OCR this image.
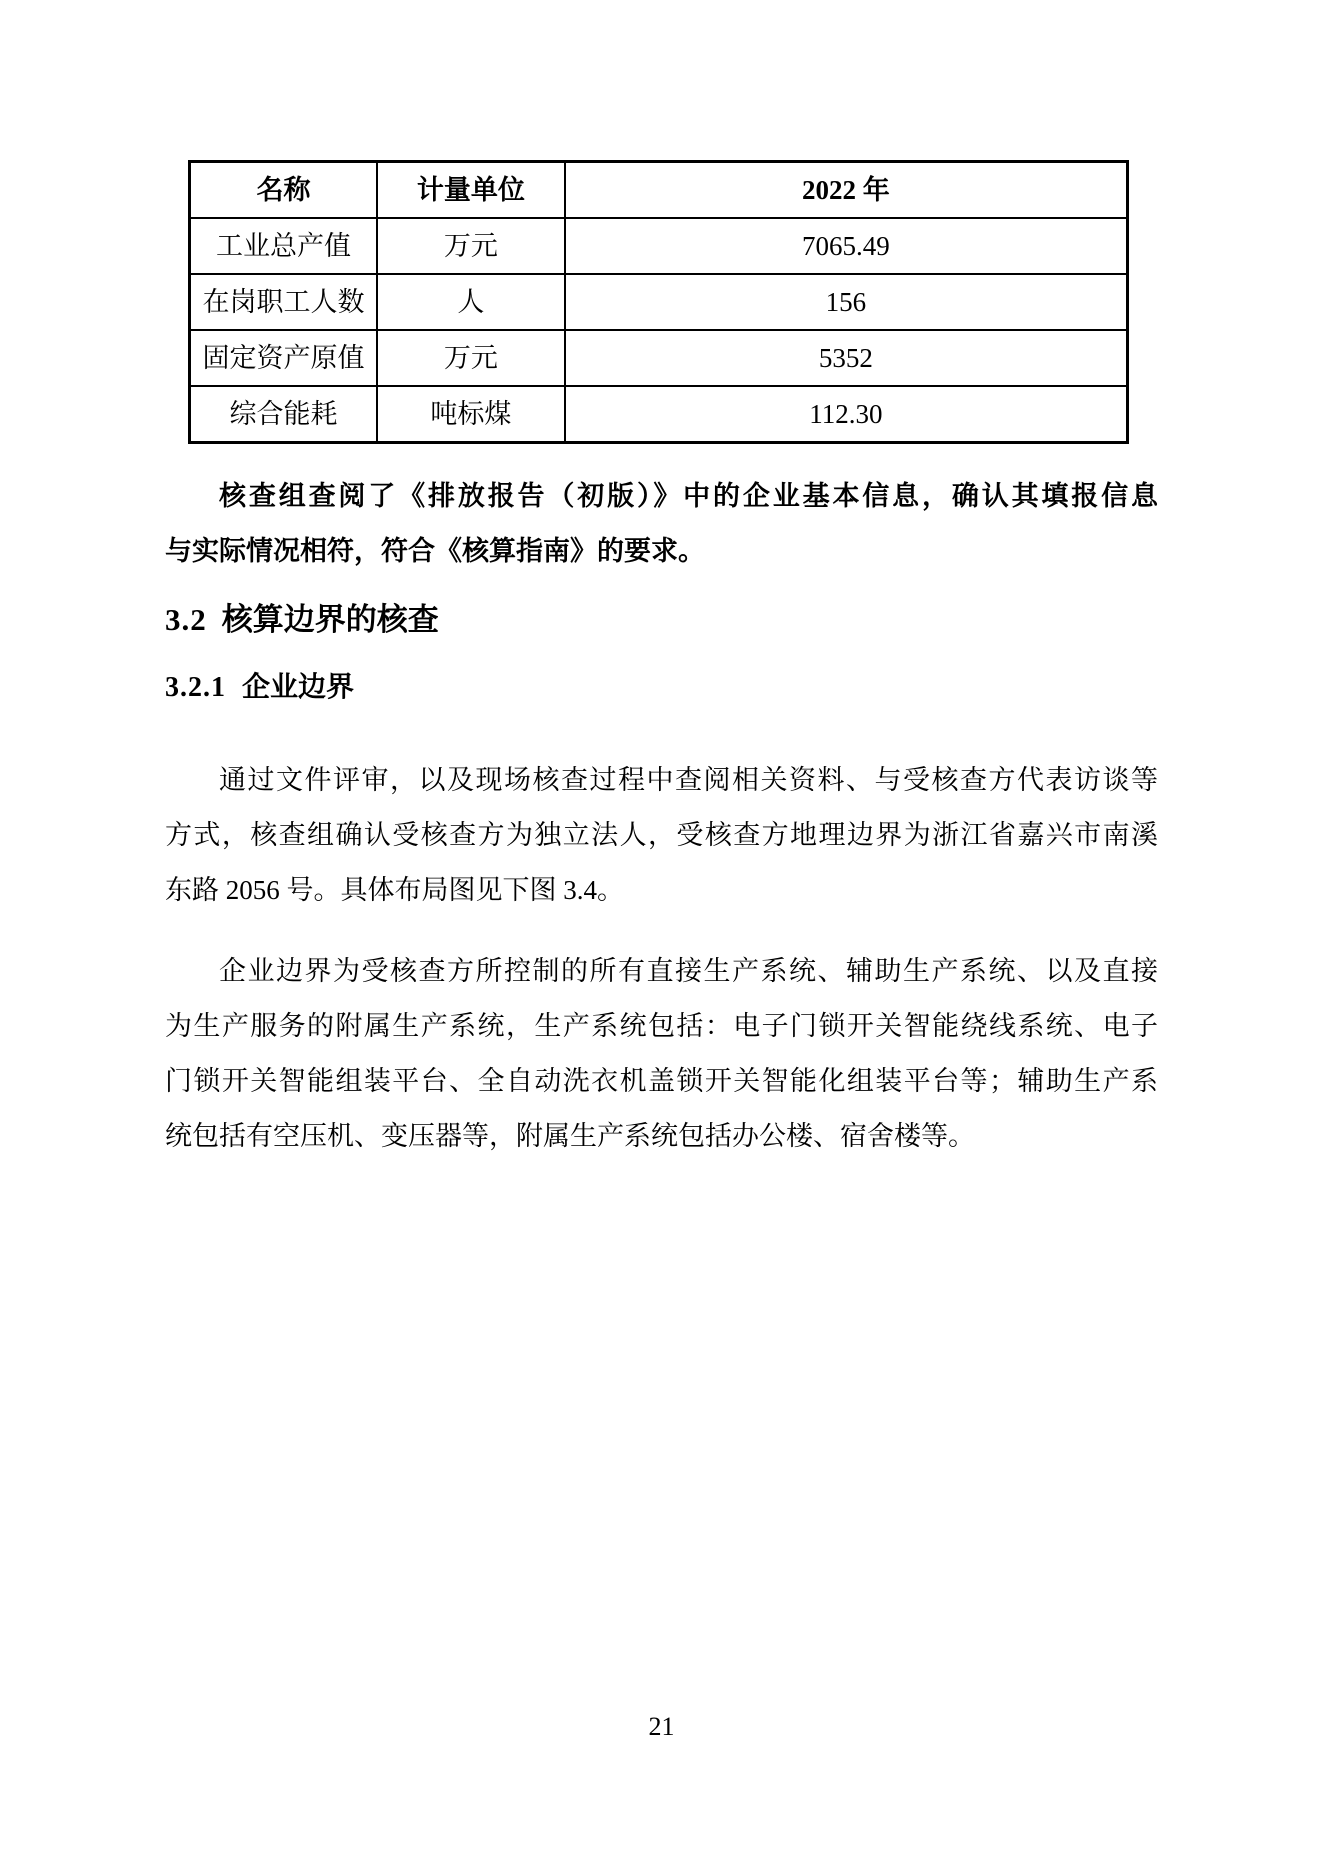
名称	计量单位	2022 年
工业总产值	万元	7065.49
在岗职工人数	人	156
固定资产原值	万元	5352
综合能耗	吨标煤	112.30
核查组查阅了《排放报告（初版）》中的企业基本信息，确认其填报信息
与实际情况相符，符合《核算指南》的要求。
3.2 核算边界的核查
3.2.1 企业边界
通过文件评审，以及现场核查过程中查阅相关资料、与受核查方代表访谈等
方式，核查组确认受核查方为独立法人，受核查方地理边界为浙江省嘉兴市南溪
东路 2056 号。具体布局图见下图 3.4。
企业边界为受核查方所控制的所有直接生产系统、辅助生产系统、以及直接
为生产服务的附属生产系统，生产系统包括：电子门锁开关智能绕线系统、电子
门锁开关智能组装平台、全自动洗衣机盖锁开关智能化组装平台等；辅助生产系
统包括有空压机、变压器等，附属生产系统包括办公楼、宿舍楼等。
21
